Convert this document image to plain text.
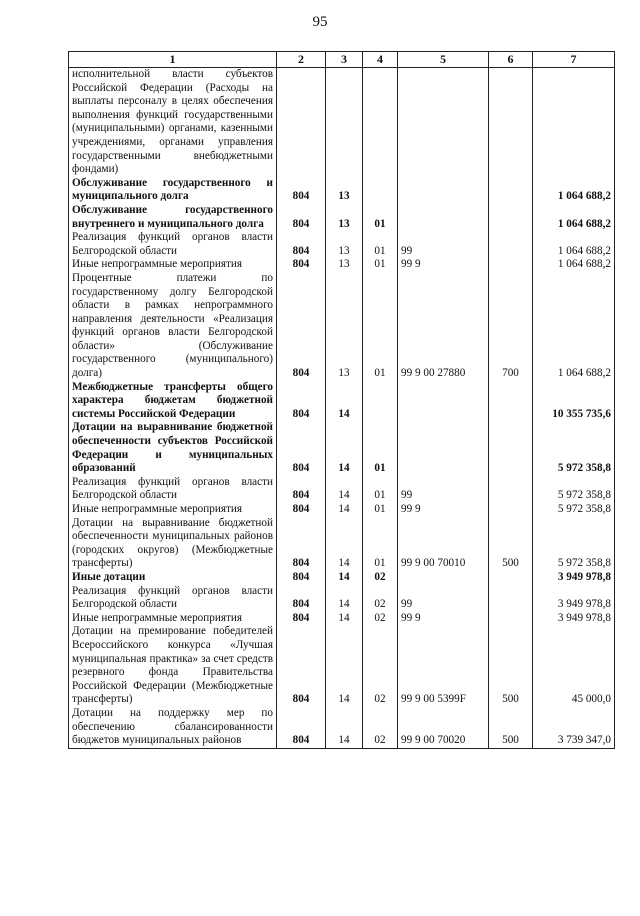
95
1	2	3	4	5	6	7
исполнительной власти субъектов Российской Федерации (Расходы на выплаты персоналу в целях обеспечения выполнения функций государственными (муниципальными) органами, казенными учреждениями, органами управления государственными внебюджетными фондами)						
Обслуживание государственного и муниципального долга	804	13				1 064 688,2
Обслуживание государственного внутреннего и муниципального долга	804	13	01			1 064 688,2
Реализация функций органов власти Белгородской области	804	13	01	99		1 064 688,2
Иные непрограммные мероприятия	804	13	01	99 9		1 064 688,2
Процентные платежи по государственному долгу Белгородской области в рамках непрограммного направления деятельности «Реализация функций органов власти Белгородской области» (Обслуживание государственного (муниципального) долга)	804	13	01	99 9 00 27880	700	1 064 688,2
Межбюджетные трансферты общего характера бюджетам бюджетной системы Российской Федерации	804	14				10 355 735,6
Дотации на выравнивание бюджетной обеспеченности субъектов Российской Федерации и муниципальных образований	804	14	01			5 972 358,8
Реализация функций органов власти Белгородской области	804	14	01	99		5 972 358,8
Иные непрограммные мероприятия	804	14	01	99 9		5 972 358,8
Дотации на выравнивание бюджетной обеспеченности муниципальных районов (городских округов) (Межбюджетные трансферты)	804	14	01	99 9 00 70010	500	5 972 358,8
Иные дотации	804	14	02			3 949 978,8
Реализация функций органов власти Белгородской области	804	14	02	99		3 949 978,8
Иные непрограммные мероприятия	804	14	02	99 9		3 949 978,8
Дотации на премирование победителей Всероссийского конкурса «Лучшая муниципальная практика» за счет средств резервного фонда Правительства Российской Федерации (Межбюджетные трансферты)	804	14	02	99 9 00 5399F	500	45 000,0
Дотации на поддержку мер по обеспечению сбалансированности бюджетов муниципальных районов	804	14	02	99 9 00 70020	500	3 739 347,0
